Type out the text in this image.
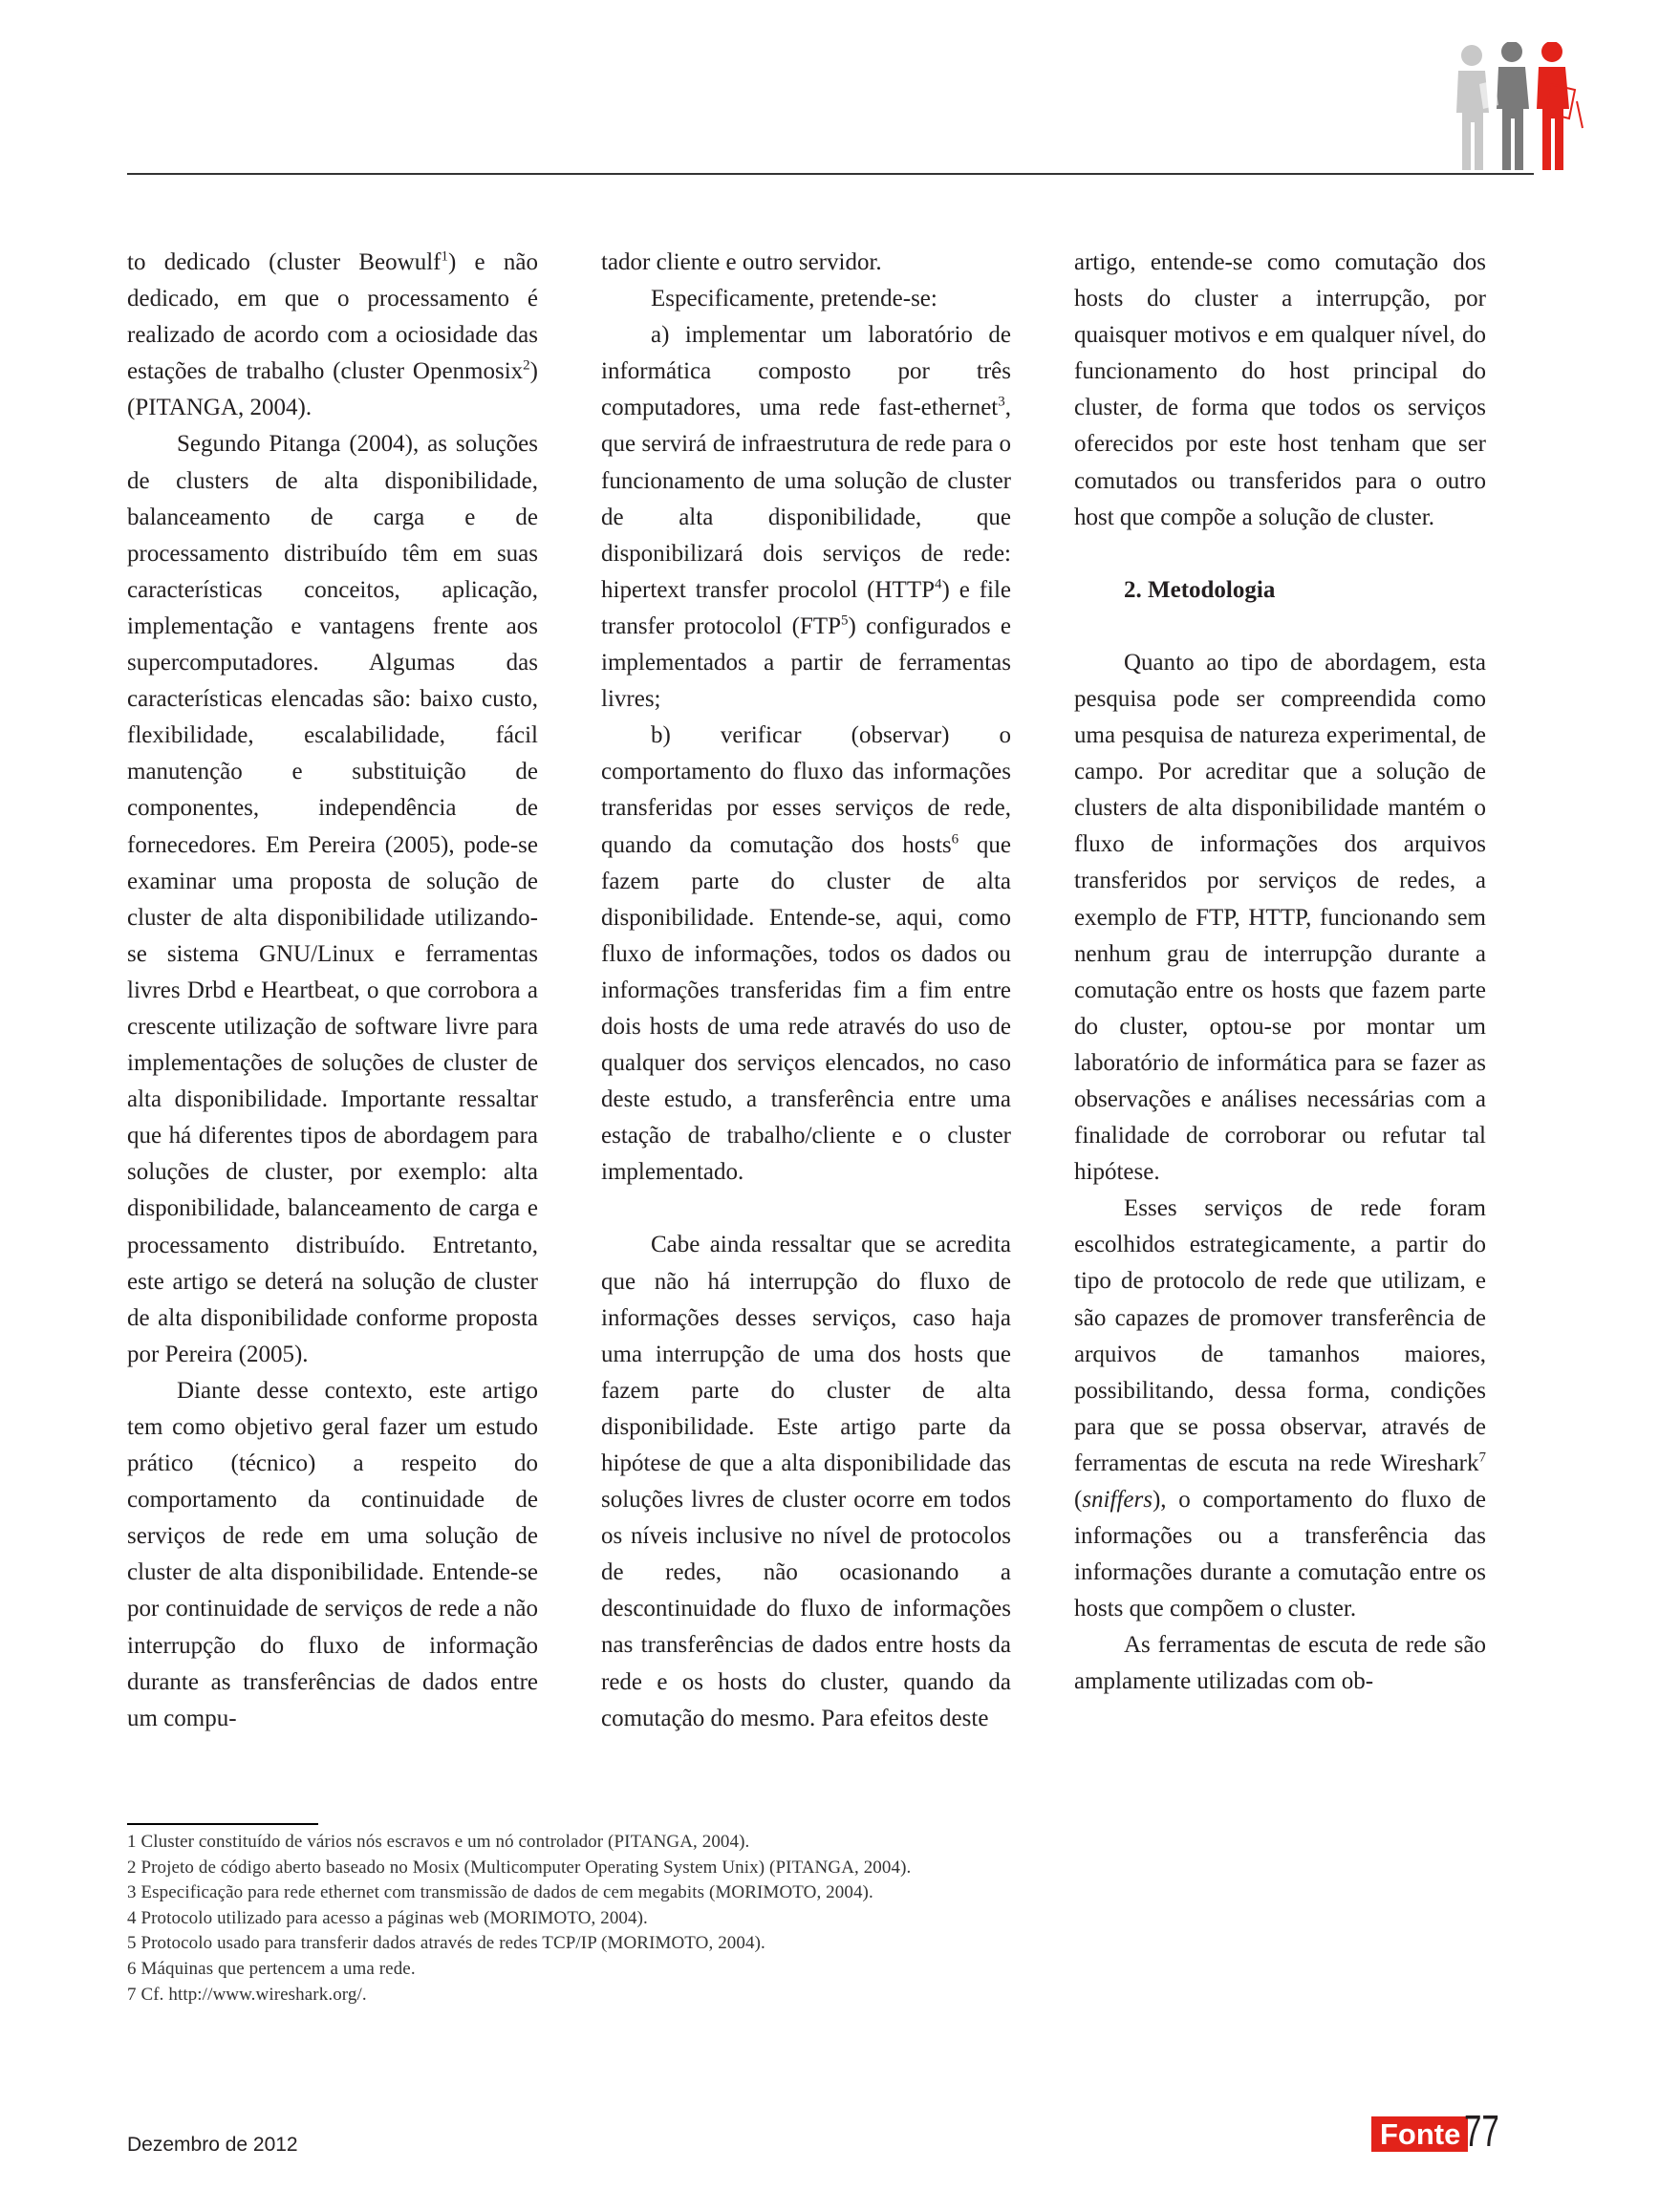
to dedicado (cluster Beowulf$^1$) e não dedicado, em que o processamento é realizado de acordo com a ociosidade das estações de trabalho (cluster Openmosix$^2$) (PITANGA, 2004).

Segundo Pitanga (2004), as soluções de clusters de alta disponibilidade, balanceamento de carga e de processamento distribuído têm em suas características conceitos, aplicação, implementação e vantagens frente aos supercomputadores. Algumas das características elencadas são: baixo custo, flexibilidade, escalabilidade, fácil manutenção e substituição de componentes, independência de fornecedores. Em Pereira (2005), pode-se examinar uma proposta de solução de cluster de alta disponibilidade utilizando-se sistema GNU/Linux e ferramentas livres Drbd e Heartbeat, o que corrobora a crescente utilização de software livre para implementações de soluções de cluster de alta disponibilidade. Importante ressaltar que há diferentes tipos de abordagem para soluções de cluster, por exemplo: alta disponibilidade, balanceamento de carga e processamento distribuído. Entretanto, este artigo se deterá na solução de cluster de alta disponibilidade conforme proposta por Pereira (2005).

Diante desse contexto, este artigo tem como objetivo geral fazer um estudo prático (técnico) a respeito do comportamento da continuidade de serviços de rede em uma solução de cluster de alta disponibilidade. Entende-se por continuidade de serviços de rede a não interrupção do fluxo de informação durante as transferências de dados entre um compu-

tador cliente e outro servidor.

Especificamente, pretende-se:

a) implementar um laboratório de informática composto por três computadores, uma rede fast-ethernet$^3$, que servirá de infraestrutura de rede para o funcionamento de uma solução de cluster de alta disponibilidade, que disponibilizará dois serviços de rede: hipertext transfer procolol (HTTP$^4$) e file transfer protocolol (FTP$^5$) configurados e implementados a partir de ferramentas livres;

b) verificar (observar) o comportamento do fluxo das informações transferidas por esses serviços de rede, quando da comutação dos hosts$^6$ que fazem parte do cluster de alta disponibilidade. Entende-se, aqui, como fluxo de informações, todos os dados ou informações transferidas fim a fim entre dois hosts de uma rede através do uso de qualquer dos serviços elencados, no caso deste estudo, a transferência entre uma estação de trabalho/cliente e o cluster implementado.

Cabe ainda ressaltar que se acredita que não há interrupção do fluxo de informações desses serviços, caso haja uma interrupção de uma dos hosts que fazem parte do cluster de alta disponibilidade. Este artigo parte da hipótese de que a alta disponibilidade das soluções livres de cluster ocorre em todos os níveis inclusive no nível de protocolos de redes, não ocasionando a descontinuidade do fluxo de informações nas transferências de dados entre hosts da rede e os hosts do cluster, quando da comutação do mesmo. Para efeitos deste

artigo, entende-se como comutação dos hosts do cluster a interrupção, por quaisquer motivos e em qualquer nível, do funcionamento do host principal do cluster, de forma que todos os serviços oferecidos por este host tenham que ser comutados ou transferidos para o outro host que compõe a solução de cluster.

2. Metodologia

Quanto ao tipo de abordagem, esta pesquisa pode ser compreendida como uma pesquisa de natureza experimental, de campo. Por acreditar que a solução de clusters de alta disponibilidade mantém o fluxo de informações dos arquivos transferidos por serviços de redes, a exemplo de FTP, HTTP, funcionando sem nenhum grau de interrupção durante a comutação entre os hosts que fazem parte do cluster, optou-se por montar um laboratório de informática para se fazer as observações e análises necessárias com a finalidade de corroborar ou refutar tal hipótese.

Esses serviços de rede foram escolhidos estrategicamente, a partir do tipo de protocolo de rede que utilizam, e são capazes de promover transferência de arquivos de tamanhos maiores, possibilitando, dessa forma, condições para que se possa observar, através de ferramentas de escuta na rede Wireshark$^7$ (sniffers), o comportamento do fluxo de informações ou a transferência das informações durante a comutação entre os hosts que compõem o cluster.

As ferramentas de escuta de rede são amplamente utilizadas com ob-

1 Cluster constituído de vários nós escravos e um nó controlador (PITANGA, 2004).
2 Projeto de código aberto baseado no Mosix (Multicomputer Operating System Unix) (PITANGA, 2004).
3 Especificação para rede ethernet com transmissão de dados de cem megabits (MORIMOTO, 2004).
4 Protocolo utilizado para acesso a páginas web (MORIMOTO, 2004).
5 Protocolo usado para transferir dados através de redes TCP/IP (MORIMOTO, 2004).
6 Máquinas que pertencem a uma rede.
7 Cf. http://www.wireshark.org/.
Dezembro de 2012	Fonte 77
